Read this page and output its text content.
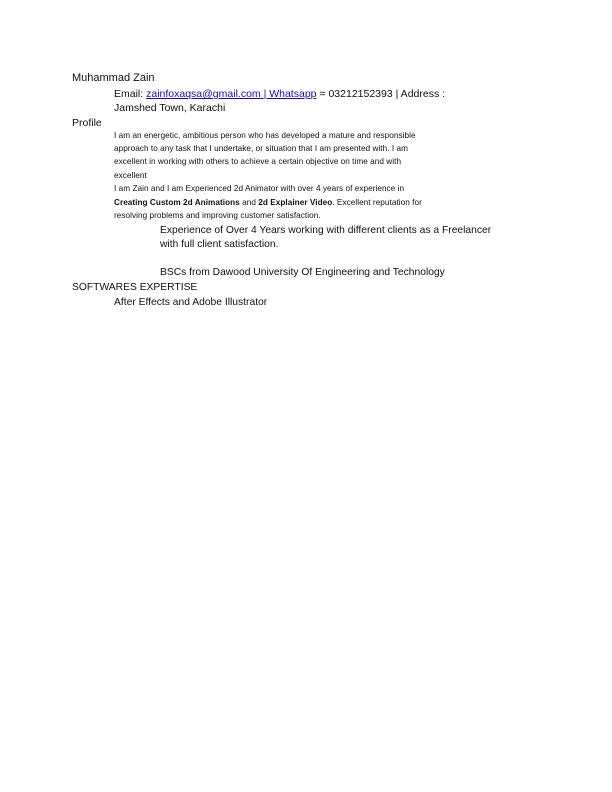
Muhammad Zain
Email: zainfoxaqsa@gmail.com | Whatsapp = 03212152393 | Address :
Jamshed Town, Karachi
Profile
I am an energetic, ambitious person who has developed a mature and responsible
approach to any task that I undertake, or situation that I am presented with. I am
excellent in working with others to achieve a certain objective on time and with
excellent
I am Zain and I am Experienced 2d Animator with over 4 years of experience in
Creating Custom 2d Animations and 2d Explainer Video. Excellent reputation for
resolving problems and improving customer satisfaction.
Experience of Over 4 Years working with different clients as a Freelancer
with full client satisfaction.
BSCs from Dawood University Of Engineering and Technology
SOFTWARES EXPERTISE
After Effects and Adobe Illustrator
